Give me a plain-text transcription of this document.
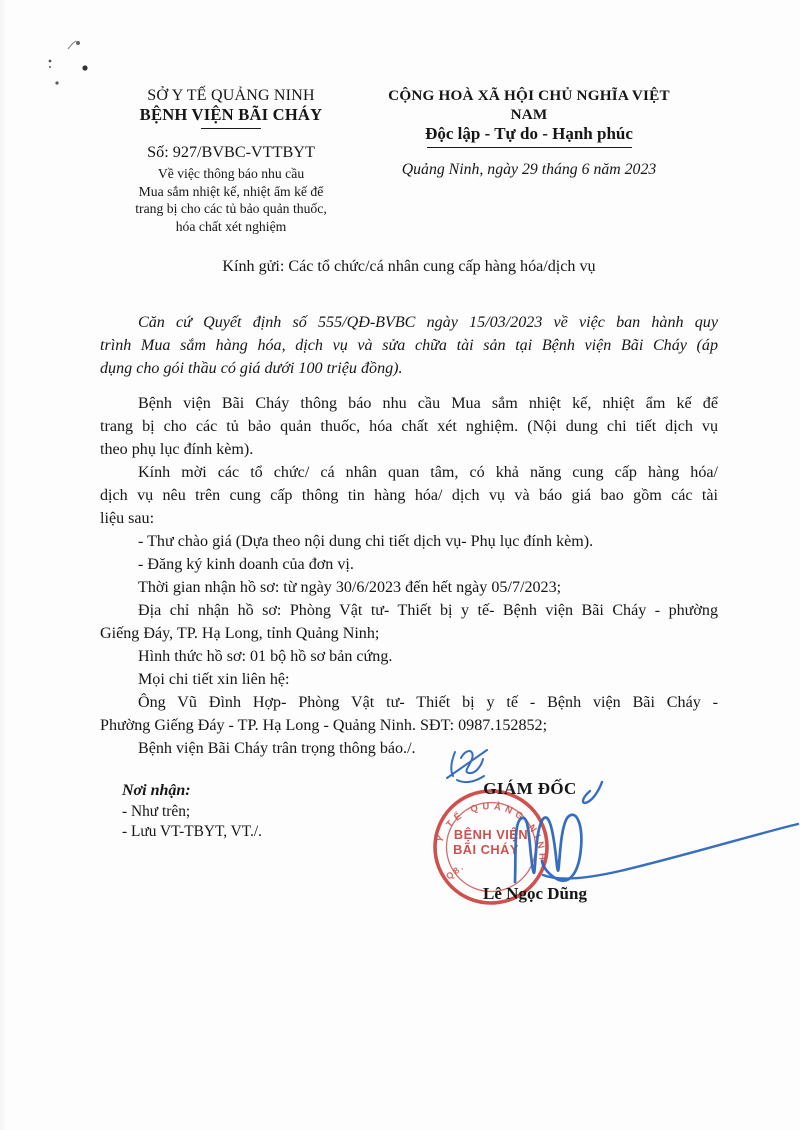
SỞ Y TẾ QUẢNG NINH
BỆNH VIỆN BÃI CHÁY
Số: 927/BVBC-VTTBYT
Về việc thông báo nhu cầu
Mua sắm nhiệt kế, nhiệt ẩm kế để
trang bị cho các tủ bảo quản thuốc,
hóa chất xét nghiệm
CỘNG HOÀ XÃ HỘI CHỦ NGHĨA VIỆT NAM
Độc lập - Tự do - Hạnh phúc
Quảng Ninh, ngày 29 tháng 6 năm 2023
Kính gửi: Các tổ chức/cá nhân cung cấp hàng hóa/dịch vụ
Căn cứ Quyết định số 555/QĐ-BVBC ngày 15/03/2023 về việc ban hành quy
trình Mua sắm hàng hóa, dịch vụ và sửa chữa tài sản tại Bệnh viện Bãi Cháy (áp
dụng cho gói thầu có giá dưới 100 triệu đồng).
Bệnh viện Bãi Cháy thông báo nhu cầu Mua sắm nhiệt kế, nhiệt ẩm kế để
trang bị cho các tủ bảo quản thuốc, hóa chất xét nghiệm. (Nội dung chi tiết dịch vụ
theo phụ lục đính kèm).
Kính mời các tổ chức/ cá nhân quan tâm, có khả năng cung cấp hàng hóa/
dịch vụ nêu trên cung cấp thông tin hàng hóa/ dịch vụ và báo giá bao gồm các tài
liệu sau:
- Thư chào giá (Dựa theo nội dung chi tiết dịch vụ- Phụ lục đính kèm).
- Đăng ký kinh doanh của đơn vị.
Thời gian nhận hồ sơ: từ ngày 30/6/2023 đến hết ngày 05/7/2023;
Địa chỉ nhận hồ sơ: Phòng Vật tư- Thiết bị y tế- Bệnh viện Bãi Cháy - phường
Giếng Đáy, TP. Hạ Long, tỉnh Quảng Ninh;
Hình thức hồ sơ: 01 bộ hồ sơ bản cứng.
Mọi chi tiết xin liên hệ:
Ông Vũ Đình Hợp- Phòng Vật tư- Thiết bị y tế - Bệnh viện Bãi Cháy -
Phường Giếng Đáy - TP. Hạ Long - Quảng Ninh. SĐT: 0987.152852;
Bệnh viện Bãi Cháy trân trọng thông báo./.
Nơi nhận:
- Như trên;
- Lưu VT-TBYT, VT./.
GIÁM ĐỐC
Lê Ngọc Dũng
Y TẾ QUẢNG NINH
Q8.
BỆNH VIỆN
BÃI CHÁY
